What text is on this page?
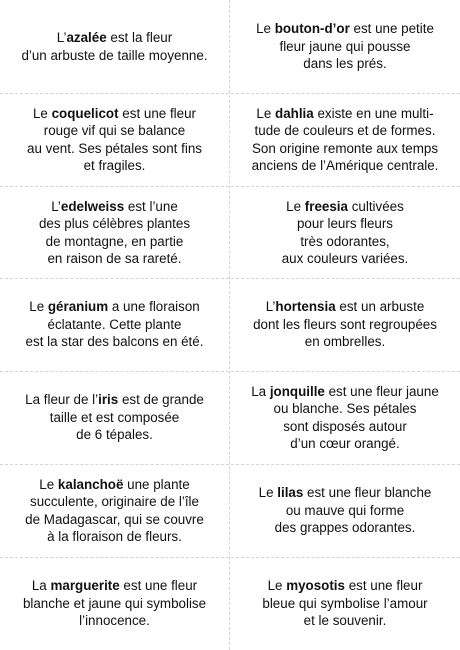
L’azalée est la fleur
d’un arbuste de taille moyenne.
Le bouton-d’or est une petite
fleur jaune qui pousse
dans les prés.
Le coquelicot est une fleur
rouge vif qui se balance
au vent. Ses pétales sont fins
et fragiles.
Le dahlia existe en une multi-
tude de couleurs et de formes.
Son origine remonte aux temps
anciens de l’Amérique centrale.
L’edelweiss est l’une
des plus célèbres plantes
de montagne, en partie
en raison de sa rareté.
Le freesia cultivées
pour leurs fleurs
très odorantes,
aux couleurs variées.
Le géranium a une floraison
éclatante. Cette plante
est la star des balcons en été.
L’hortensia est un arbuste
dont les fleurs sont regroupées
en ombrelles.
La fleur de l’iris est de grande
taille et est composée
de 6 tépales.
La jonquille est une fleur jaune
ou blanche. Ses pétales
sont disposés autour
d’un cœur orangé.
Le kalanchoë une plante
succulente, originaire de l’île
de Madagascar, qui se couvre
à la floraison de fleurs.
Le lilas est une fleur blanche
ou mauve qui forme
des grappes odorantes.
La marguerite est une fleur
blanche et jaune qui symbolise
l’innocence.
Le myosotis est une fleur
bleue qui symbolise l’amour
et le souvenir.
